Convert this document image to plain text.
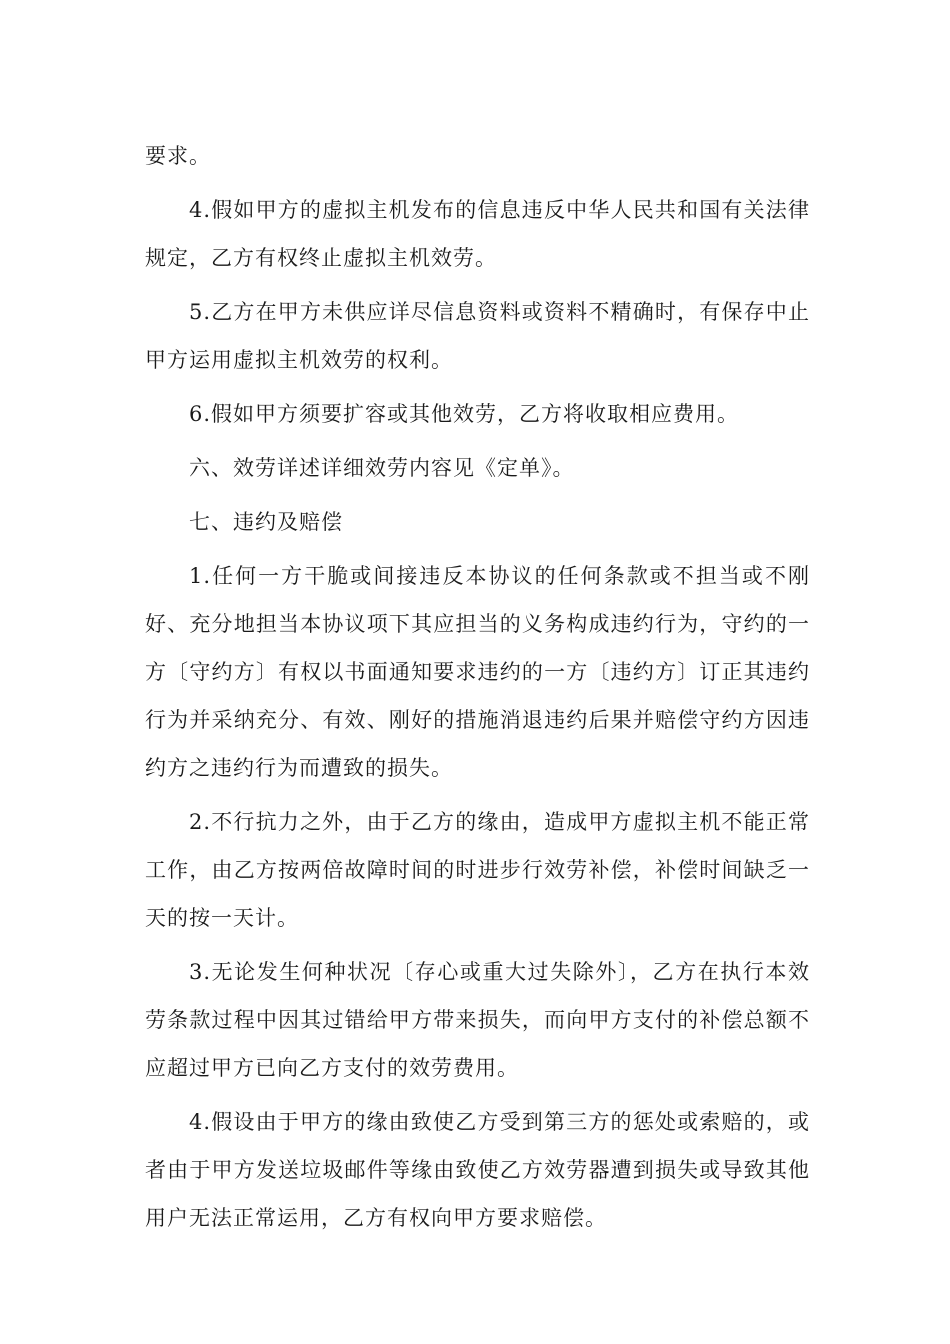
要求。

4.假如甲方的虚拟主机发布的信息违反中华人民共和国有关法律规定，乙方有权终止虚拟主机效劳。

5.乙方在甲方未供应详尽信息资料或资料不精确时，有保存中止甲方运用虚拟主机效劳的权利。

6.假如甲方须要扩容或其他效劳，乙方将收取相应费用。

六、效劳详述详细效劳内容见《定单》。

七、违约及赔偿

1.任何一方干脆或间接违反本协议的任何条款或不担当或不刚好、充分地担当本协议项下其应担当的义务构成违约行为，守约的一方〔守约方〕有权以书面通知要求违约的一方〔违约方〕订正其违约行为并采纳充分、有效、刚好的措施消退违约后果并赔偿守约方因违约方之违约行为而遭致的损失。

2.不行抗力之外，由于乙方的缘由，造成甲方虚拟主机不能正常工作，由乙方按两倍故障时间的时进步行效劳补偿，补偿时间缺乏一天的按一天计。

3.无论发生何种状况〔存心或重大过失除外〕，乙方在执行本效劳条款过程中因其过错给甲方带来损失，而向甲方支付的补偿总额不应超过甲方已向乙方支付的效劳费用。

4.假设由于甲方的缘由致使乙方受到第三方的惩处或索赔的，或者由于甲方发送垃圾邮件等缘由致使乙方效劳器遭到损失或导致其他用户无法正常运用，乙方有权向甲方要求赔偿。
